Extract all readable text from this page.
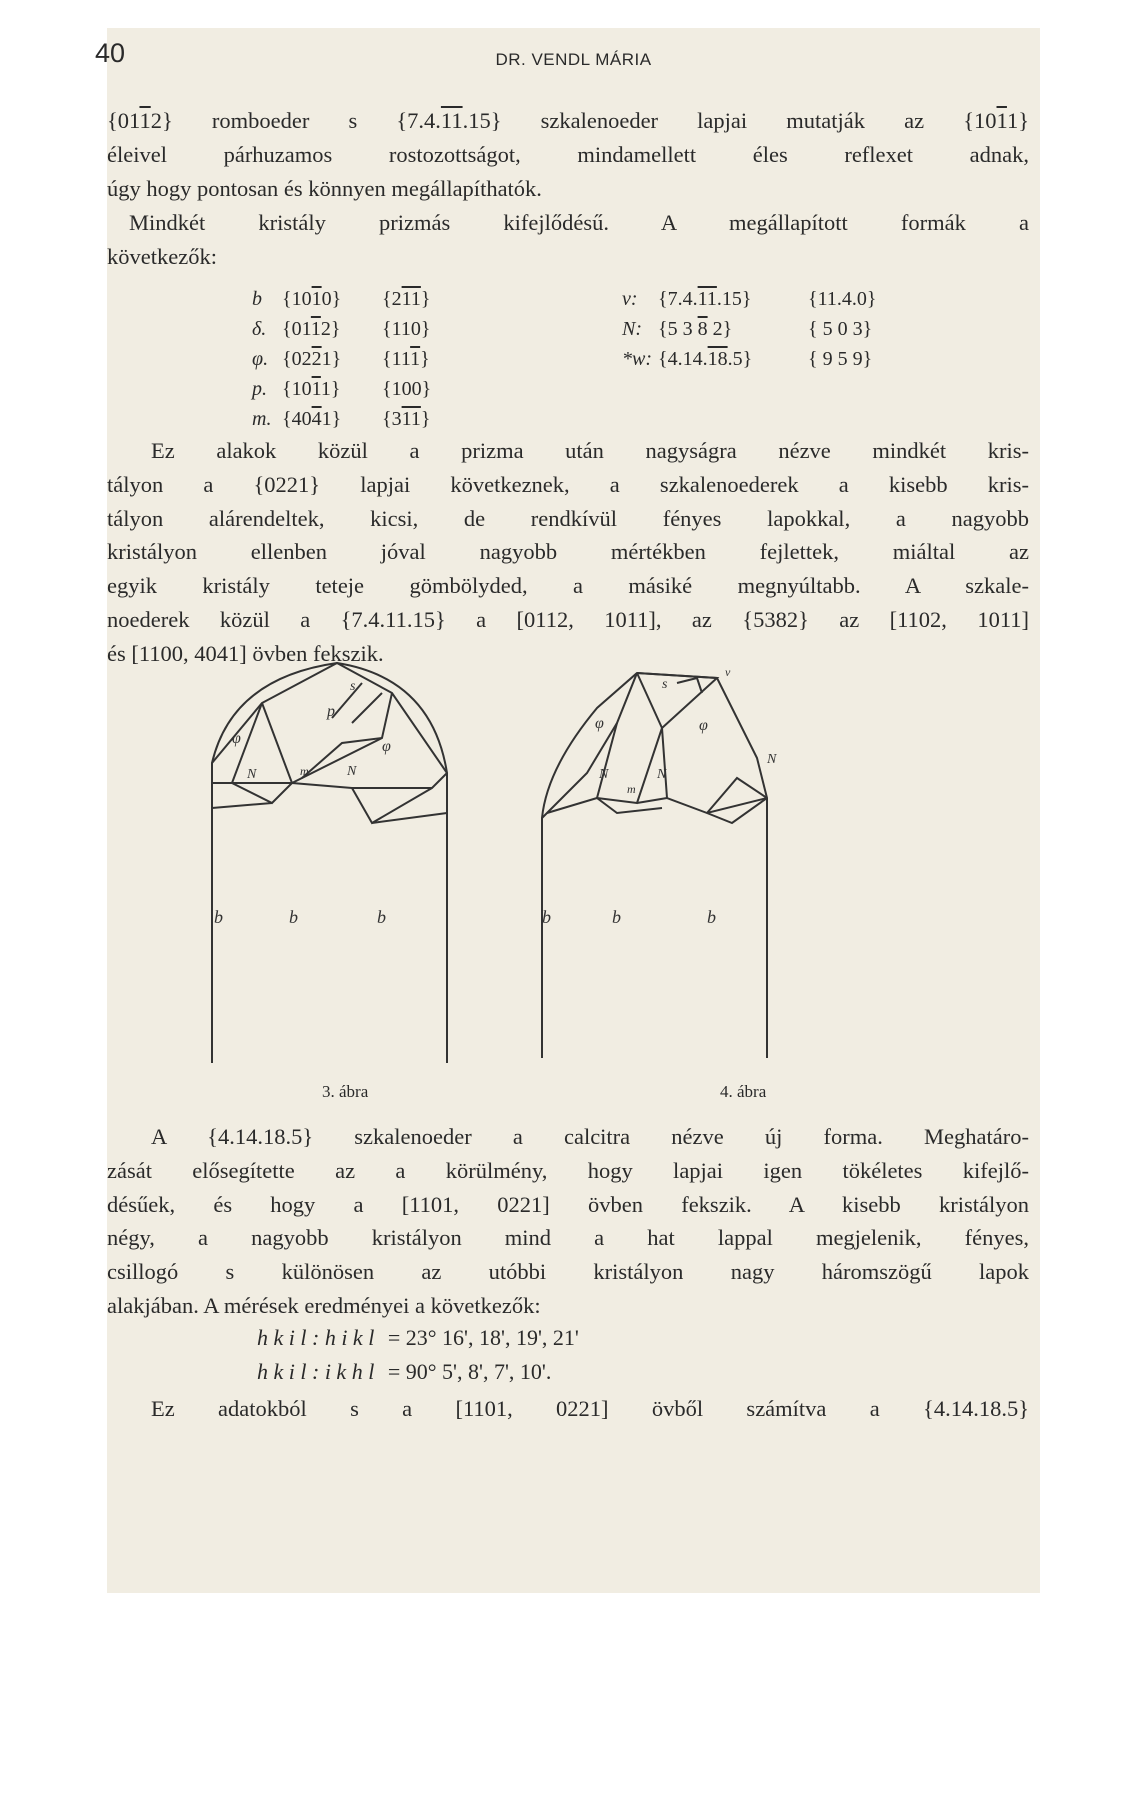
40	DR. VENDL MÁRIA
{0112} romboeder s {7.4.11.15} szkalenoeder lapjai mutatják az {1011}
éleivel párhuzamos rostozottságot, mindamellett éles reflexet adnak,
úgy hogy pontosan és könnyen megállapíthatók.
Mindkét kristály prizmás kifejlődésű. A megállapított formák a
következők:
b {1010} {211}
δ. {0112} {110}
φ. {0221} {111}
p. {1011} {100}
m. {4041} {311}
v: {7.4.11.15}	{11.4.0}
N: {5 3 8 2}	{ 5 0 3}
*w: {4.14.18.5}	{ 9 5 9}
Ez alakok közül a prizma után nagyságra nézve mindkét kris-
tályon a {0221} lapjai következnek, a szkalenoederek a kisebb kris-
tályon alárendeltek, kicsi, de rendkívül fényes lapokkal, a nagyobb
kristályon ellenben jóval nagyobb mértékben fejlettek, miáltal az
egyik kristály teteje gömbölyded, a másiké megnyúltabb. A szkale-
noederek közül a {7.4.11.15} a [0112, 1011], az {5382} az [1102, 1011]
és [1100, 4041] övben fekszik.
p
φ	φ
N	N
m
s
b	b	b
φ	φ
N	N
N
m
s
v
b	b	b
3. ábra	4. ábra
A {4.14.18.5} szkalenoeder a calcitra nézve új forma. Meghatáro-
zását elősegítette az a körülmény, hogy lapjai igen tökéletes kifejlő-
désűek, és hogy a [1101, 0221] övben fekszik. A kisebb kristályon
négy, a nagyobb kristályon mind a hat lappal megjelenik, fényes,
csillogó s különösen az utóbbi kristályon nagy háromszögű lapok
alakjában. A mérések eredményei a következők:
h k i l : h i k l = 23° 16', 18', 19', 21'
h k i l : i k h l = 90° 5', 8', 7', 10'.
Ez adatokból s a [1101, 0221] övből számítva a {4.14.18.5}
